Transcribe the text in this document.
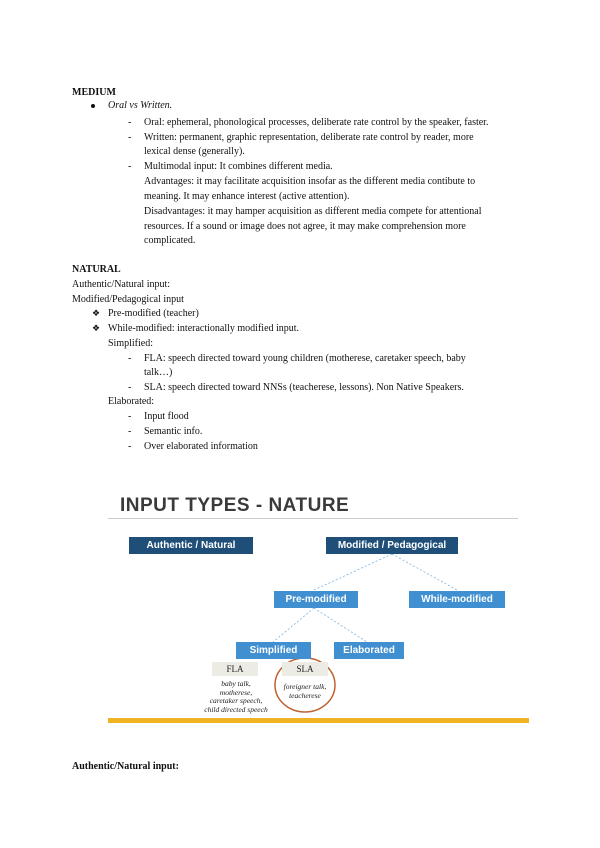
MEDIUM
Oral vs Written.
- Oral: ephemeral, phonological processes, deliberate rate control by the speaker, faster.
- Written: permanent, graphic representation, deliberate rate control by reader, more
lexical dense (generally).
- Multimodal input: It combines different media.
Advantages: it may facilitate acquisition insofar as the different media contibute to
meaning. It may enhance interest (active attention).
Disadvantages: it may hamper acquisition as different media compete for attentional
resources. If a sound or image does not agree, it may make comprehension more
complicated.
NATURAL
Authentic/Natural input:
Modified/Pedagogical input
❖ Pre-modified (teacher)
❖ While-modified: interactionally modified input.
Simplified:
- FLA: speech directed toward young children (motherese, caretaker speech, baby
talk…)
- SLA: speech directed toward NNSs (teacherese, lessons). Non Native Speakers.
Elaborated:
- Input flood
- Semantic info.
- Over elaborated information
INPUT TYPES - NATURE
Authentic / Natural	Modified / Pedagogical
Pre-modified	While-modified
Simplified	Elaborated
FLA	SLA
baby talk,
motherese,
caretaker speech,
child directed speech
foreigner talk,
teacherese
Authentic/Natural input:
